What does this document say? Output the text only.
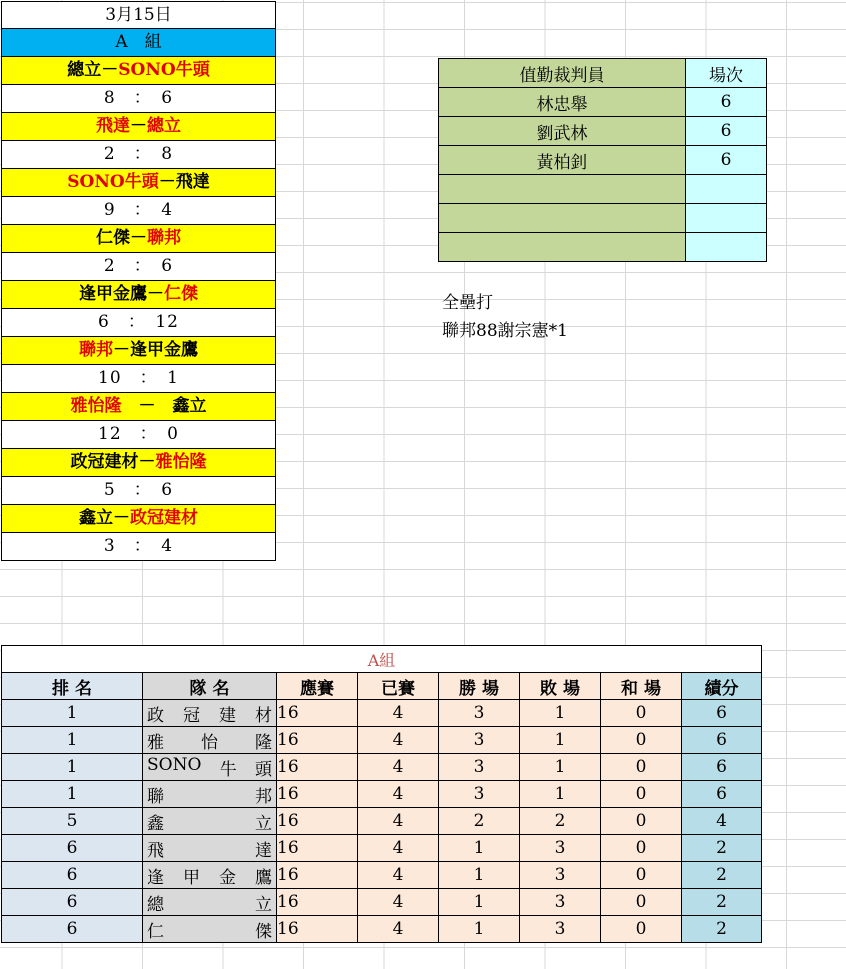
3月15日
A　組
總立－SONO牛頭
8　：　6
飛達－總立
2　：　8
SONO牛頭－飛達
9　：　4
仁傑－聯邦
2　：　6
逢甲金鷹－仁傑
6　：　12
聯邦－逢甲金鷹
10　：　1
雅怡隆　－　鑫立
12　：　0
政冠建材－雅怡隆
5　：　6
鑫立－政冠建材
3　：　4
值勤裁判員	場次
林忠舉	6
劉武林	6
黃柏釗	6

全壘打
聯邦88謝宗憲*1
A組							
排 名	隊 名	應賽	已賽	勝 場	敗 場	和 場	績分
1	政 冠 建 材	16	4	3	1	0	6
1	雅 怡 隆	16	4	3	1	0	6
1	SONO 牛 頭	16	4	3	1	0	6
1	聯 邦	16	4	3	1	0	6
5	鑫 立	16	4	2	2	0	4
6	飛 達	16	4	1	3	0	2
6	逢 甲 金 鷹	16	4	1	3	0	2
6	總 立	16	4	1	3	0	2
6	仁 傑	16	4	1	3	0	2
